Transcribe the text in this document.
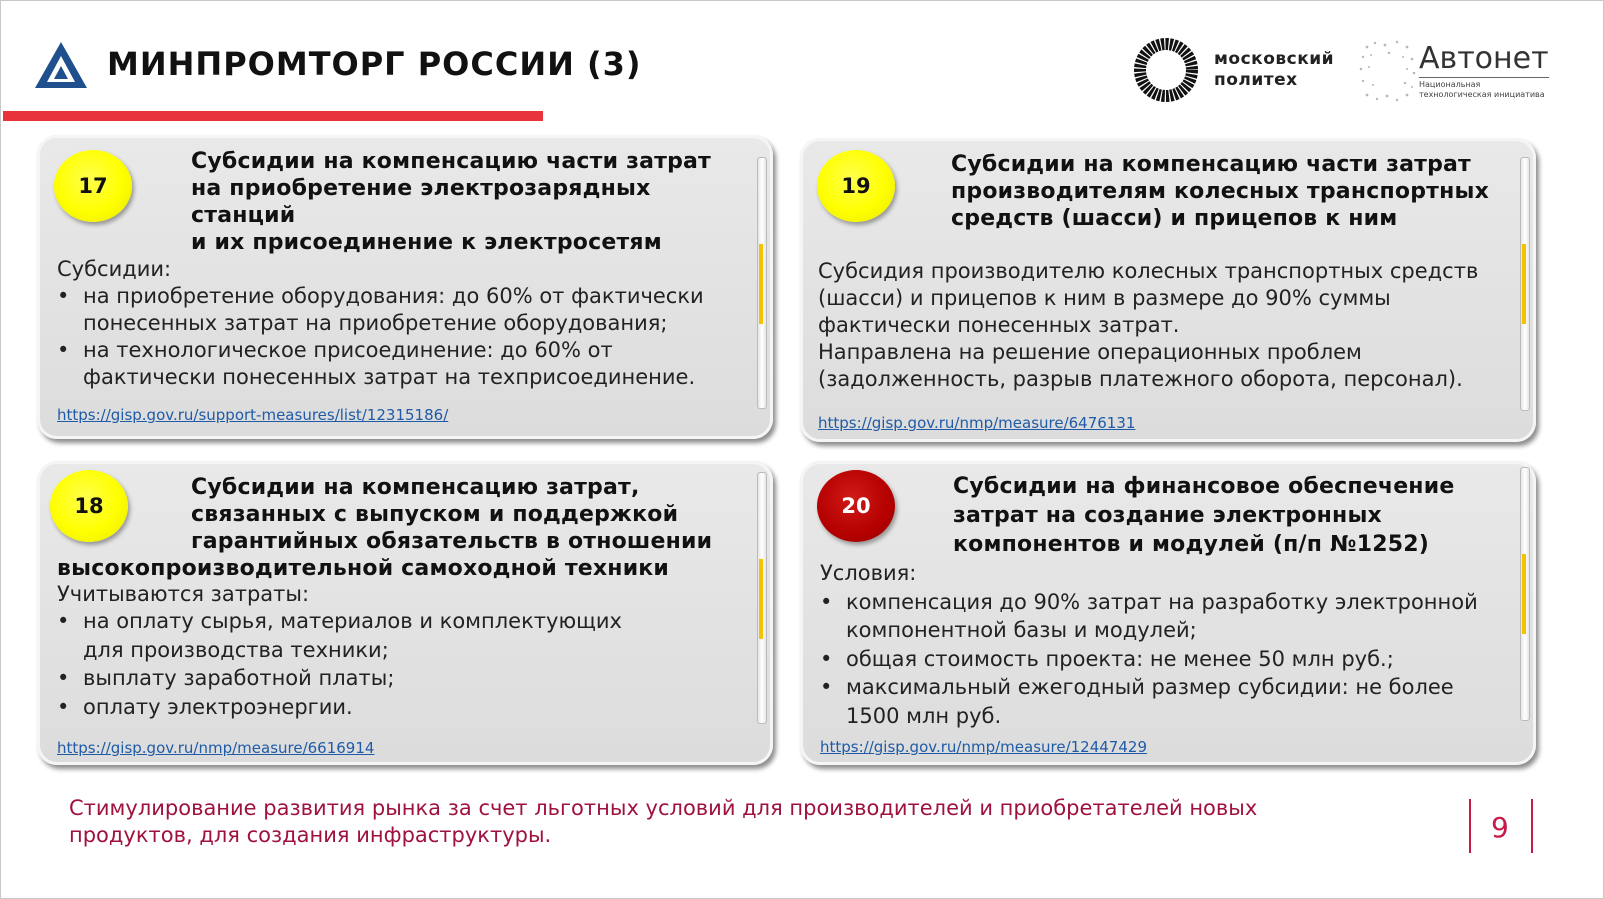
МИНПРОМТОРГ РОССИИ (3)	московский
политех
Автонет
Национальная технологическая инициатива
17
Субсидии на компенсацию части затрат
на приобретение электрозарядных станций
и их присоединение к электросетям
Субсидии:
• на приобретение оборудования: до 60% от фактически
понесенных затрат на приобретение оборудования;
• на технологическое присоединение: до 60% от
фактически понесенных затрат на техприсоединение.
https://gisp.gov.ru/support-measures/list/12315186/
19
Субсидии на компенсацию части затрат
производителям колесных транспортных
средств (шасси) и прицепов к ним
Субсидия производителю колесных транспортных средств
(шасси) и прицепов к ним в размере до 90% суммы
фактически понесенных затрат.
Направлена на решение операционных проблем
(задолженность, разрыв платежного оборота, персонал).
https://gisp.gov.ru/nmp/measure/6476131
18
Субсидии на компенсацию затрат,
связанных с выпуском и поддержкой
гарантийных обязательств в отношении
высокопроизводительной самоходной техники
Учитываются затраты:
• на оплату сырья, материалов и комплектующих
для производства техники;
• выплату заработной платы;
• оплату электроэнергии.
https://gisp.gov.ru/nmp/measure/6616914
20
Субсидии на финансовое обеспечение
затрат на создание электронных
компонентов и модулей (п/п №1252)
Условия:
• компенсация до 90% затрат на разработку электронной
компонентной базы и модулей;
• общая стоимость проекта: не менее 50 млн руб.;
• максимальный ежегодный размер субсидии: не более
1500 млн руб.
https://gisp.gov.ru/nmp/measure/12447429
Стимулирование развития рынка за счет льготных условий для производителей и приобретателей новых
продуктов, для создания инфраструктуры.	9
